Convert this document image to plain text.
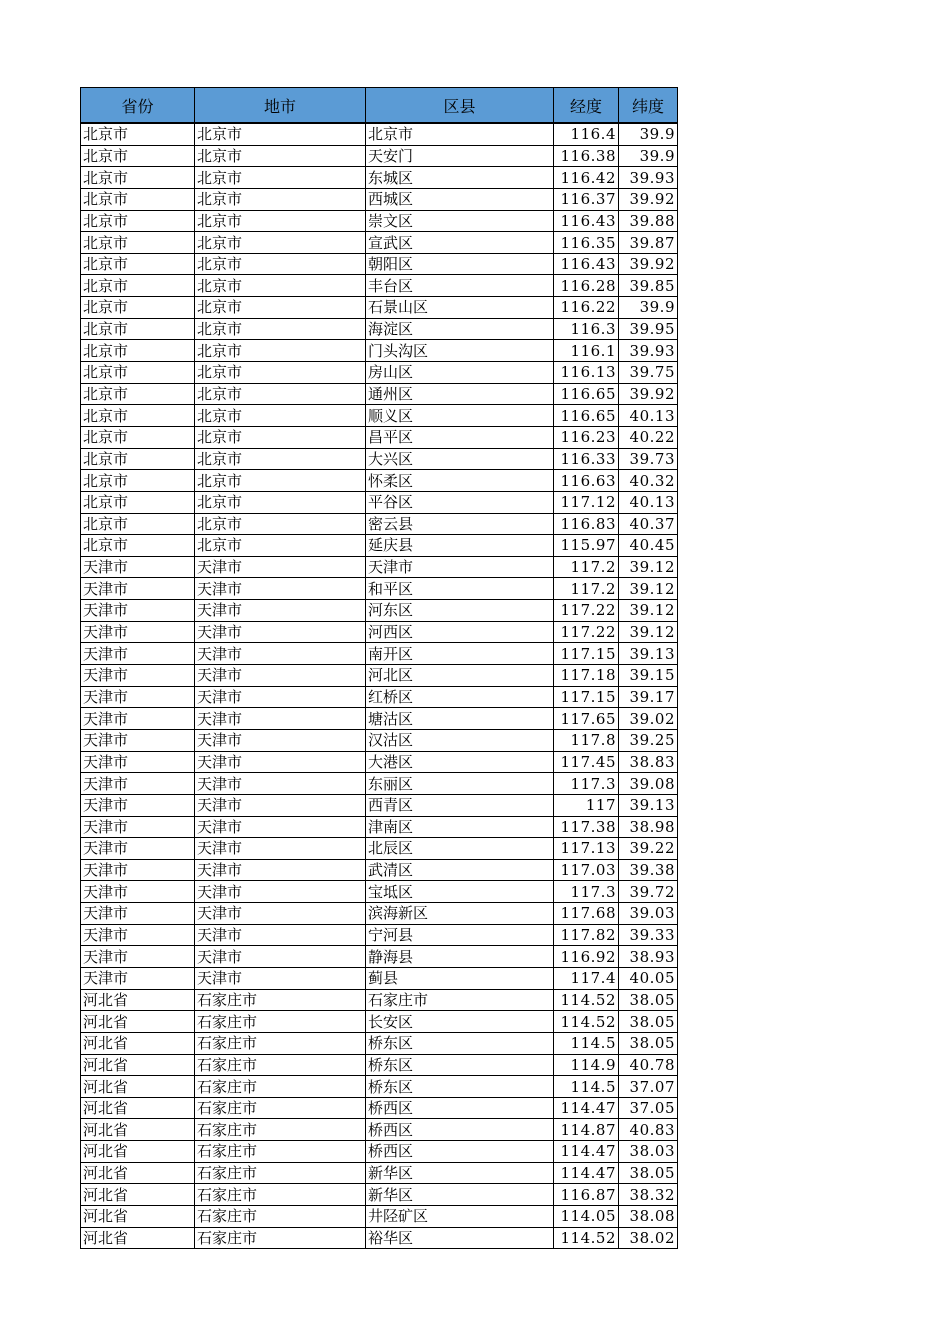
省份	地市	区县	经度	纬度
北京市	北京市	北京市	116.4	39.9
北京市	北京市	天安门	116.38	39.9
北京市	北京市	东城区	116.42	39.93
北京市	北京市	西城区	116.37	39.92
北京市	北京市	崇文区	116.43	39.88
北京市	北京市	宣武区	116.35	39.87
北京市	北京市	朝阳区	116.43	39.92
北京市	北京市	丰台区	116.28	39.85
北京市	北京市	石景山区	116.22	39.9
北京市	北京市	海淀区	116.3	39.95
北京市	北京市	门头沟区	116.1	39.93
北京市	北京市	房山区	116.13	39.75
北京市	北京市	通州区	116.65	39.92
北京市	北京市	顺义区	116.65	40.13
北京市	北京市	昌平区	116.23	40.22
北京市	北京市	大兴区	116.33	39.73
北京市	北京市	怀柔区	116.63	40.32
北京市	北京市	平谷区	117.12	40.13
北京市	北京市	密云县	116.83	40.37
北京市	北京市	延庆县	115.97	40.45
天津市	天津市	天津市	117.2	39.12
天津市	天津市	和平区	117.2	39.12
天津市	天津市	河东区	117.22	39.12
天津市	天津市	河西区	117.22	39.12
天津市	天津市	南开区	117.15	39.13
天津市	天津市	河北区	117.18	39.15
天津市	天津市	红桥区	117.15	39.17
天津市	天津市	塘沽区	117.65	39.02
天津市	天津市	汉沽区	117.8	39.25
天津市	天津市	大港区	117.45	38.83
天津市	天津市	东丽区	117.3	39.08
天津市	天津市	西青区	117	39.13
天津市	天津市	津南区	117.38	38.98
天津市	天津市	北辰区	117.13	39.22
天津市	天津市	武清区	117.03	39.38
天津市	天津市	宝坻区	117.3	39.72
天津市	天津市	滨海新区	117.68	39.03
天津市	天津市	宁河县	117.82	39.33
天津市	天津市	静海县	116.92	38.93
天津市	天津市	蓟县	117.4	40.05
河北省	石家庄市	石家庄市	114.52	38.05
河北省	石家庄市	长安区	114.52	38.05
河北省	石家庄市	桥东区	114.5	38.05
河北省	石家庄市	桥东区	114.9	40.78
河北省	石家庄市	桥东区	114.5	37.07
河北省	石家庄市	桥西区	114.47	37.05
河北省	石家庄市	桥西区	114.87	40.83
河北省	石家庄市	桥西区	114.47	38.03
河北省	石家庄市	新华区	114.47	38.05
河北省	石家庄市	新华区	116.87	38.32
河北省	石家庄市	井陉矿区	114.05	38.08
河北省	石家庄市	裕华区	114.52	38.02
